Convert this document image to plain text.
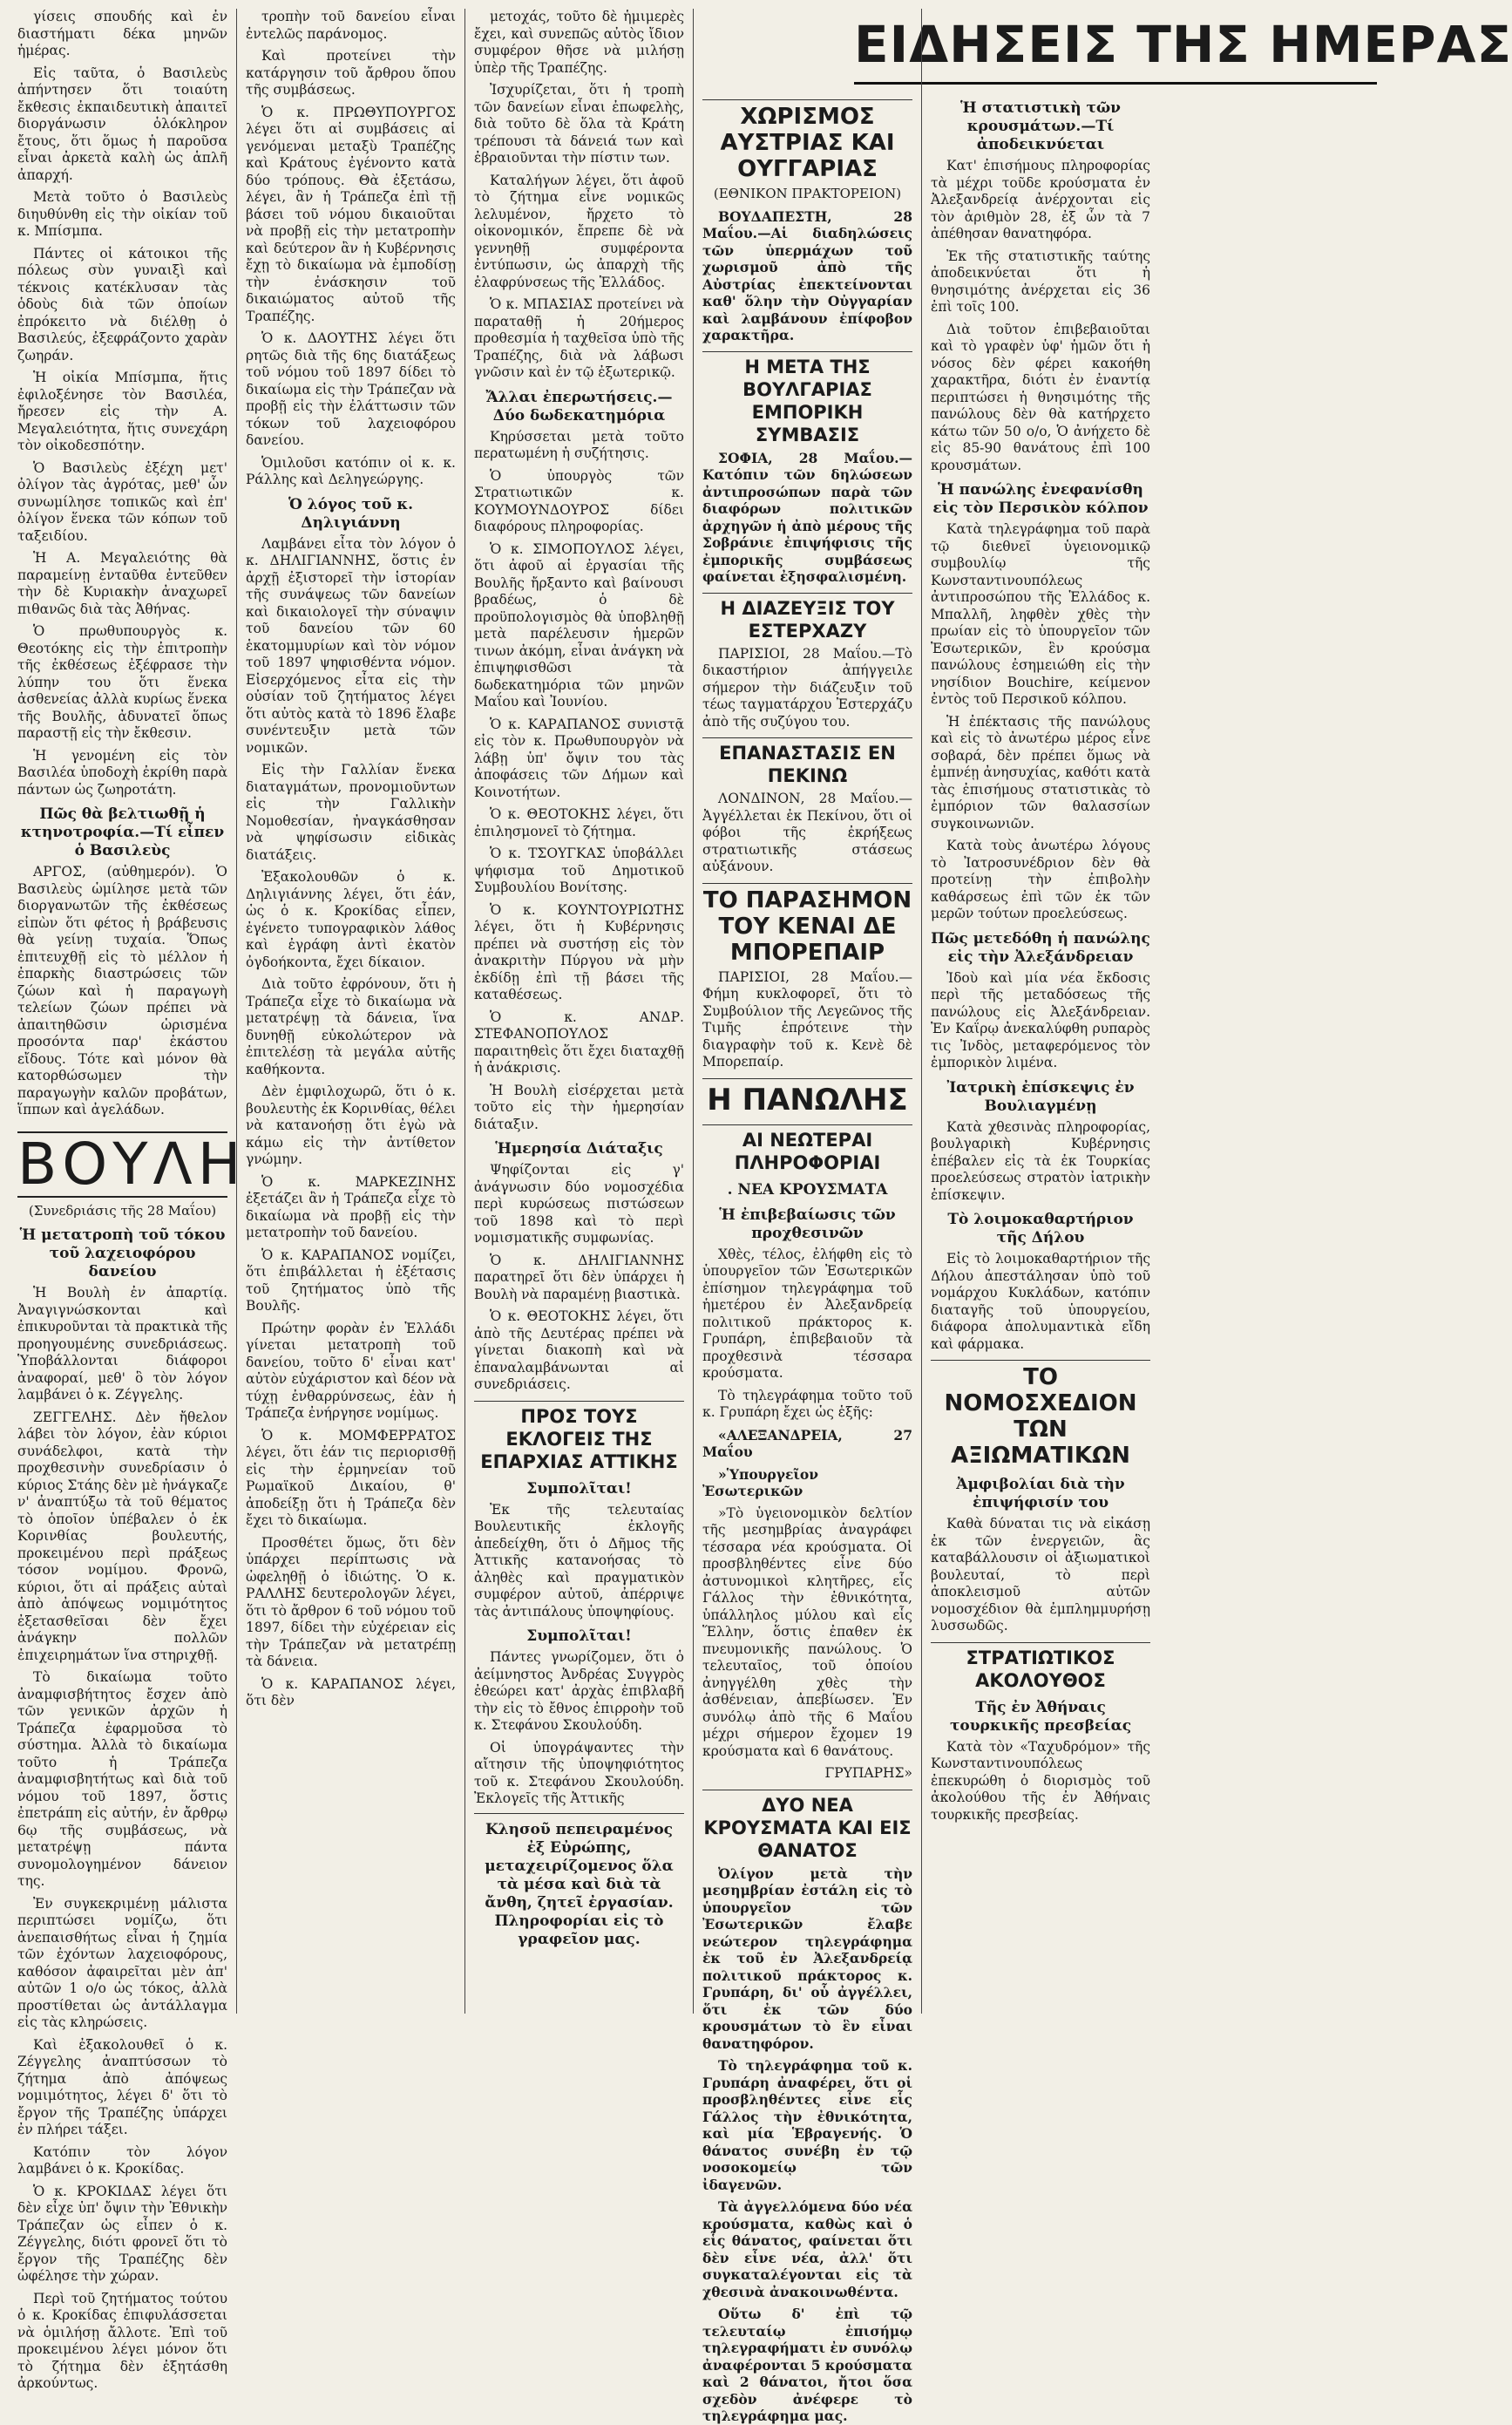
ΕΙΔΗΣΕΙΣ ΤΗΣ ΗΜΕΡΑΣ

γίσεις σπουδής καὶ ἐν διαστήματι δέκα μηνῶν ἡμέρας.

Εἰς ταῦτα, ὁ Βασιλεὺς ἀπήντησεν ὅτι τοιαύτη ἔκθεσις ἐκπαιδευτικὴ ἀπαιτεῖ διοργάνωσιν ὁλόκληρον ἔτους, ὅτι ὅμως ἡ παροῦσα εἶναι ἀρκετὰ καλὴ ὡς ἁπλῆ ἀπαρχή.

Μετὰ τοῦτο ὁ Βασιλεὺς διηυθύνθη εἰς τὴν οἰκίαν τοῦ κ. Μπίσμπα.

Πάντες οἱ κάτοικοι τῆς πόλεως σὺν γυναιξὶ καὶ τέκνοις κατέκλυσαν τὰς ὁδοὺς διὰ τῶν ὁποίων ἐπρόκειτο νὰ διέλθῃ ὁ Βασιλεύς, ἐξεφράζοντο χαρὰν ζωηράν.

Ἡ οἰκία Μπίσμπα, ἥτις ἐφιλοξένησε τὸν Βασιλέα, ἤρεσεν εἰς τὴν Α. Μεγαλειότητα, ἥτις συνεχάρη τὸν οἰκοδεσπότην.

Ὁ Βασιλεὺς ἐξέχη μετ' ὀλίγον τὰς ἀγρότας, μεθ' ὧν συνωμίλησε τοπικῶς καὶ ἐπ' ὀλίγον ἕνεκα τῶν κόπων τοῦ ταξειδίου.

Ἡ Α. Μεγαλειότης θὰ παραμείνῃ ἐνταῦθα ἐντεῦθεν τὴν δὲ Κυριακὴν ἀναχωρεῖ πιθανῶς διὰ τὰς Ἀθήνας.

Ὁ πρωθυπουργὸς κ. Θεοτόκης εἰς τὴν ἐπιτροπὴν τῆς ἐκθέσεως ἐξέφρασε τὴν λύπην του ὅτι ἕνεκα ἀσθενείας ἀλλὰ κυρίως ἕνεκα τῆς Βουλῆς, ἀδυνατεῖ ὅπως παραστῇ εἰς τὴν ἔκθεσιν.

Ἡ γενομένη εἰς τὸν Βασιλέα ὑποδοχὴ ἐκρίθη παρὰ πάντων ὡς ζωηροτάτη.

Πῶς θὰ βελτιωθῇ ἡ κτηνοτροφία.—Τί εἶπεν ὁ Βασιλεὺς

ΑΡΓΟΣ, (αὐθημερόν). Ὁ Βασιλεὺς ὡμίλησε μετὰ τῶν διοργανωτῶν τῆς ἐκθέσεως εἰπὼν ὅτι φέτος ἡ βράβευσις θὰ γείνῃ τυχαία. Ὅπως ἐπιτευχθῇ εἰς τὸ μέλλον ἡ ἐπαρκὴς διαστρώσεις τῶν ζώων καὶ ἡ παραγωγὴ τελείων ζώων πρέπει νὰ ἀπαιτηθῶσιν ὡρισμένα προσόντα παρ' ἑκάστου εἴδους. Τότε καὶ μόνον θὰ κατορθώσωμεν τὴν παραγωγὴν καλῶν προβάτων, ἵππων καὶ ἀγελάδων.

ΒΟΥΛΗ
(Συνεδριάσις τῆς 28 Μαΐου)
Ἡ μετατροπὴ τοῦ τόκου τοῦ λαχειοφόρου δανείου

Ἡ Βουλὴ ἐν ἀπαρτίᾳ. Ἀναγιγνώσκονται καὶ ἐπικυροῦνται τὰ πρακτικὰ τῆς προηγουμένης συνεδριάσεως. Ὑποβάλλονται διάφοροι ἀναφοραί, μεθ' ὃ τὸν λόγον λαμβάνει ὁ κ. Ζέγγελης.

ΖΕΓΓΕΛΗΣ. Δὲν ἤθελον λάβει τὸν λόγον, ἐὰν κύριοι συνάδελφοι, κατὰ τὴν προχθεσινὴν συνεδρίασιν ὁ κύριος Στάης δὲν μὲ ἠνάγκαζε ν' ἀναπτύξω τὰ τοῦ θέματος τὸ ὁποῖον ὑπέβαλεν ὁ ἐκ Κορινθίας βουλευτής, προκειμένου περὶ πράξεως τόσον νομίμου. Φρονῶ, κύριοι, ὅτι αἱ πράξεις αὐταὶ ἀπὸ ἀπόψεως νομιμότητος ἐξετασθεῖσαι δὲν ἔχει ἀνάγκην πολλῶν ἐπιχειρημάτων ἵνα στηριχθῇ.

Τὸ δικαίωμα τοῦτο ἀναμφισβήτητος ἔσχεν ἀπὸ τῶν γενικῶν ἀρχῶν ἡ Τράπεζα ἐφαρμοῦσα τὸ σύστημα. Ἀλλὰ τὸ δικαίωμα τοῦτο ἡ Τράπεζα ἀναμφισβητήτως καὶ διὰ τοῦ νόμου τοῦ 1897, ὅστις ἐπετράπη εἰς αὐτήν, ἐν ἄρθρῳ 6ῳ τῆς συμβάσεως, νὰ μετατρέψῃ πάντα συνομολογημένον δάνειον της.

Ἐν συγκεκριμένῃ μάλιστα περιπτώσει νομίζω, ὅτι ἀνεπαισθήτως εἶναι ἡ ζημία τῶν ἐχόντων λαχειοφόρους, καθόσον ἀφαιρεῖται μὲν ἀπ' αὐτῶν 1 ο/ο ὡς τόκος, ἀλλὰ προστίθεται ὡς ἀντάλλαγμα εἰς τὰς κληρώσεις.

Καὶ ἐξακολουθεῖ ὁ κ. Ζέγγελης ἀναπτύσσων τὸ ζήτημα ἀπὸ ἀπόψεως νομιμότητος, λέγει δ' ὅτι τὸ ἔργον τῆς Τραπέζης ὑπάρχει ἐν πλήρει τάξει.

Κατόπιν τὸν λόγον λαμβάνει ὁ κ. Κροκίδας.

Ὁ κ. ΚΡΟΚΙΔΑΣ λέγει ὅτι δὲν εἶχε ὑπ' ὄψιν τὴν Ἐθνικὴν Τράπεζαν ὡς εἶπεν ὁ κ. Ζέγγελης, διότι φρονεῖ ὅτι τὸ ἔργον τῆς Τραπέζης δὲν ὠφέλησε τὴν χώραν.

Περὶ τοῦ ζητήματος τούτου ὁ κ. Κροκίδας ἐπιφυλάσσεται νὰ ὁμιλήσῃ ἄλλοτε. Ἐπὶ τοῦ προκειμένου λέγει μόνον ὅτι τὸ ζήτημα δὲν ἐξητάσθη ἀρκούντως.

τροπὴν τοῦ δανείου εἶναι ἐντελῶς παράνομος.

Καὶ προτείνει τὴν κατάργησιν τοῦ ἄρθρου ὅπου τῆς συμβάσεως.

Ὁ κ. ΠΡΩΘΥΠΟΥΡΓΟΣ λέγει ὅτι αἱ συμβάσεις αἱ γενόμεναι μεταξὺ Τραπέζης καὶ Κράτους ἐγένοντο κατὰ δύο τρόπους. Θὰ ἐξετάσω, λέγει, ἂν ἡ Τράπεζα ἐπὶ τῇ βάσει τοῦ νόμου δικαιοῦται νὰ προβῇ εἰς τὴν μετατροπὴν καὶ δεύτερον ἂν ἡ Κυβέρνησις ἔχῃ τὸ δικαίωμα νὰ ἐμποδίσῃ τὴν ἐνάσκησιν τοῦ δικαιώματος αὐτοῦ τῆς Τραπέζης.

Ὁ κ. ΔΑΟΥΤΗΣ λέγει ὅτι ρητῶς διὰ τῆς 6ης διατάξεως τοῦ νόμου τοῦ 1897 δίδει τὸ δικαίωμα εἰς τὴν Τράπεζαν νὰ προβῇ εἰς τὴν ἐλάττωσιν τῶν τόκων τοῦ λαχειοφόρου δανείου.

Ὁμιλοῦσι κατόπιν οἱ κ. κ. Ράλλης καὶ Δεληγεώργης.

Ὁ λόγος τοῦ κ. Δηλιγιάννη

Λαμβάνει εἶτα τὸν λόγον ὁ κ. ΔΗΛΙΓΙΑΝΝΗΣ, ὅστις ἐν ἀρχῇ ἐξιστορεῖ τὴν ἱστορίαν τῆς συνάψεως τῶν δανείων καὶ δικαιολογεῖ τὴν σύναψιν τοῦ δανείου τῶν 60 ἑκατομμυρίων καὶ τὸν νόμον τοῦ 1897 ψηφισθέντα νόμον. Εἰσερχόμενος εἶτα εἰς τὴν οὐσίαν τοῦ ζητήματος λέγει ὅτι αὐτὸς κατὰ τὸ 1896 ἔλαβε συνέντευξιν μετὰ τῶν νομικῶν.

Εἰς τὴν Γαλλίαν ἕνεκα διαταγμάτων, προνομιοῦντων εἰς τὴν Γαλλικὴν Νομοθεσίαν, ἠναγκάσθησαν νὰ ψηφίσωσιν εἰδικὰς διατάξεις.

Ἐξακολουθῶν ὁ κ. Δηλιγιάννης λέγει, ὅτι ἐάν, ὡς ὁ κ. Κροκίδας εἶπεν, ἐγένετο τυπογραφικὸν λάθος καὶ ἐγράφη ἀντὶ ἑκατὸν ὀγδοήκοντα, ἔχει δίκαιον.

Διὰ τοῦτο ἐφρόνουν, ὅτι ἡ Τράπεζα εἶχε τὸ δικαίωμα νὰ μετατρέψῃ τὰ δάνεια, ἵνα δυνηθῇ εὐκολώτερον νὰ ἐπιτελέσῃ τὰ μεγάλα αὐτῆς καθήκοντα.

Δὲν ἐμφιλοχωρῶ, ὅτι ὁ κ. βουλευτὴς ἐκ Κορινθίας, θέλει νὰ κατανοήσῃ ὅτι ἐγὼ νὰ κάμω εἰς τὴν ἀντίθετον γνώμην.

Ὁ κ. ΜΑΡΚΕΖΙΝΗΣ ἐξετάζει ἂν ἡ Τράπεζα εἶχε τὸ δικαίωμα νὰ προβῇ εἰς τὴν μετατροπὴν τοῦ δανείου.

Ὁ κ. ΚΑΡΑΠΑΝΟΣ νομίζει, ὅτι ἐπιβάλλεται ἡ ἐξέτασις τοῦ ζητήματος ὑπὸ τῆς Βουλῆς.

Πρώτην φορὰν ἐν Ἑλλάδι γίνεται μετατροπὴ τοῦ δανείου, τοῦτο δ' εἶναι κατ' αὐτὸν εὐχάριστον καὶ δέον νὰ τύχῃ ἐνθαρρύνσεως, ἐὰν ἡ Τράπεζα ἐνήργησε νομίμως.

Ὁ κ. ΜΟΜΦΕΡΡΑΤΟΣ λέγει, ὅτι ἐάν τις περιορισθῇ εἰς τὴν ἑρμηνείαν τοῦ Ρωμαϊκοῦ Δικαίου, θ' ἀποδείξῃ ὅτι ἡ Τράπεζα δὲν ἔχει τὸ δικαίωμα.

Προσθέτει ὅμως, ὅτι δὲν ὑπάρχει περίπτωσις νὰ ὠφεληθῇ ὁ ἰδιώτης. Ὁ κ. ΡΑΛΛΗΣ δευτερολογῶν λέγει, ὅτι τὸ ἄρθρον 6 τοῦ νόμου τοῦ 1897, δίδει τὴν εὐχέρειαν εἰς τὴν Τράπεζαν νὰ μετατρέπῃ τὰ δάνεια.

Ὁ κ. ΚΑΡΑΠΑΝΟΣ λέγει, ὅτι δὲν

μετοχάς, τοῦτο δὲ ἡμιμερὲς ἔχει, καὶ συνεπῶς αὐτὸς ἴδιον συμφέρον θῆσε νὰ μιλήσῃ ὑπὲρ τῆς Τραπέζης.

Ἰσχυρίζεται, ὅτι ἡ τροπὴ τῶν δανείων εἶναι ἐπωφελὴς, διὰ τοῦτο δὲ ὅλα τὰ Κράτη τρέπουσι τὰ δάνειά των καὶ ἐβραιοῦνται τὴν πίστιν των.

Καταλήγων λέγει, ὅτι ἀφοῦ τὸ ζήτημα εἶνε νομικῶς λελυμένον, ἤρχετο τὸ οἰκονομικόν, ἔπρεπε δὲ νὰ γεννηθῇ συμφέροντα ἐντύπωσιν, ὡς ἀπαρχὴ τῆς ἐλαφρύνσεως τῆς Ἑλλάδος.

Ὁ κ. ΜΠΑΣΙΑΣ προτείνει νὰ παραταθῇ ἡ 20ήμερος προθεσμία ἡ ταχθεῖσα ὑπὸ τῆς Τραπέζης, διὰ νὰ λάβωσι γνῶσιν καὶ ἐν τῷ ἐξωτερικῷ.

Ἄλλαι ἐπερωτήσεις.—Δύο δωδεκατημόρια

Κηρύσσεται μετὰ τοῦτο περατωμένη ἡ συζήτησις.

Ὁ ὑπουργὸς τῶν Στρατιωτικῶν κ. ΚΟΥΜΟΥΝΔΟΥΡΟΣ δίδει διαφόρους πληροφορίας.

Ὁ κ. ΣΙΜΟΠΟΥΛΟΣ λέγει, ὅτι ἀφοῦ αἱ ἐργασίαι τῆς Βουλῆς ἤρξαντο καὶ βαίνουσι βραδέως, ὁ δὲ προϋπολογισμὸς θὰ ὑποβληθῇ μετὰ παρέλευσιν ἡμερῶν τινων ἀκόμη, εἶναι ἀνάγκη νὰ ἐπιψηφισθῶσι τὰ δωδεκατημόρια τῶν μηνῶν Μαΐου καὶ Ἰουνίου.

Ὁ κ. ΚΑΡΑΠΑΝΟΣ συνιστᾷ εἰς τὸν κ. Πρωθυπουργὸν νὰ λάβῃ ὑπ' ὄψιν του τὰς ἀποφάσεις τῶν Δήμων καὶ Κοινοτήτων.

Ὁ κ. ΘΕΟΤΟΚΗΣ λέγει, ὅτι ἐπιλησμονεῖ τὸ ζήτημα.

Ὁ κ. ΤΣΟΥΓΚΑΣ ὑποβάλλει ψήφισμα τοῦ Δημοτικοῦ Συμβουλίου Βονίτσης.

Ὁ κ. ΚΟΥΝΤΟΥΡΙΩΤΗΣ λέγει, ὅτι ἡ Κυβέρνησις πρέπει νὰ συστήσῃ εἰς τὸν ἀνακριτὴν Πύργου νὰ μὴν ἐκδίδῃ ἐπὶ τῇ βάσει τῆς καταθέσεως.

Ὁ κ. ΑΝΔΡ. ΣΤΕΦΑΝΟΠΟΥΛΟΣ παραιτηθεὶς ὅτι ἔχει διαταχθῇ ἡ ἀνάκρισις.

Ἡ Βουλὴ εἰσέρχεται μετὰ τοῦτο εἰς τὴν ἡμερησίαν διάταξιν.

Ἡμερησία Διάταξις

Ψηφίζονται εἰς γ' ἀνάγνωσιν δύο νομοσχέδια περὶ κυρώσεως πιστώσεων τοῦ 1898 καὶ τὸ περὶ νομισματικῆς συμφωνίας.

Ὁ κ. ΔΗΛΙΓΙΑΝΝΗΣ παρατηρεῖ ὅτι δὲν ὑπάρχει ἡ Βουλὴ νὰ παραμένῃ βιαστικὰ.

Ὁ κ. ΘΕΟΤΟΚΗΣ λέγει, ὅτι ἀπὸ τῆς Δευτέρας πρέπει νὰ γίνεται διακοπὴ καὶ νὰ ἐπαναλαμβάνωνται αἱ συνεδριάσεις.

ΠΡΟΣ ΤΟΥΣ ΕΚΛΟΓΕΙΣ ΤΗΣ ΕΠΑΡΧΙΑΣ ΑΤΤΙΚΗΣ
Συμπολῖται!

Ἐκ τῆς τελευταίας Βουλευτικῆς ἐκλογῆς ἀπεδείχθη, ὅτι ὁ Δῆμος τῆς Ἀττικῆς κατανοήσας τὸ ἀληθὲς καὶ πραγματικὸν συμφέρον αὐτοῦ, ἀπέρριψε τὰς ἀντιπάλους ὑποψηφίους.

Συμπολῖται!

Πάντες γνωρίζομεν, ὅτι ὁ ἀείμνηστος Ἀνδρέας Συγγρὸς ἐθεώρει κατ' ἀρχὰς ἐπιβλαβῆ τὴν εἰς τὸ ἔθνος ἐπιρροὴν τοῦ κ. Στεφάνου Σκουλούδη.

Οἱ ὑπογράψαντες τὴν αἴτησιν τῆς ὑποψηφιότητος τοῦ κ. Στεφάνου Σκουλούδη. Ἐκλογεῖς τῆς Ἀττικῆς

Κλησοῦ πεπειραμένος ἐξ Εὐρώπης, μεταχειρίζομενος ὅλα τὰ μέσα καὶ διὰ τὰ ἄνθη, ζητεῖ ἐργασίαν. Πληροφορίαι εἰς τὸ γραφεῖον μας.
ΧΩΡΙΣΜΟΣ ΑΥΣΤΡΙΑΣ ΚΑΙ ΟΥΓΓΑΡΙΑΣ
(ΕΘΝΙΚΟΝ ΠΡΑΚΤΟΡΕΙΟΝ)

ΒΟΥΔΑΠΕΣΤΗ, 28 Μαΐου.—Αἱ διαδηλώσεις τῶν ὑπερμάχων τοῦ χωρισμοῦ ἀπὸ τῆς Αὐστρίας ἐπεκτείνονται καθ' ὅλην τὴν Οὐγγαρίαν καὶ λαμβάνουν ἐπίφοβον χαρακτῆρα.

Η ΜΕΤΑ ΤΗΣ ΒΟΥΛΓΑΡΙΑΣ ΕΜΠΟΡΙΚΗ ΣΥΜΒΑΣΙΣ

ΣΟΦΙΑ, 28 Μαΐου.—Κατόπιν τῶν δηλώσεων ἀντιπροσώπων παρὰ τῶν διαφόρων πολιτικῶν ἀρχηγῶν ἡ ἀπὸ μέρους τῆς Σοβράνιε ἐπιψήφισις τῆς ἐμπορικῆς συμβάσεως φαίνεται ἐξησφαλισμένη.

Η ΔΙΑΖΕΥΞΙΣ ΤΟΥ ΕΣΤΕΡΧΑΖΥ

ΠΑΡΙΣΙΟΙ, 28 Μαΐου.—Τὸ δικαστήριον ἀπήγγειλε σήμερον τὴν διάζευξιν τοῦ τέως ταγματάρχου Ἐστερχάζυ ἀπὸ τῆς συζύγου του.

ΕΠΑΝΑΣΤΑΣΙΣ ΕΝ ΠΕΚΙΝΩ

ΛΟΝΔΙΝΟΝ, 28 Μαΐου.—Ἀγγέλλεται ἐκ Πεκίνου, ὅτι οἱ φόβοι τῆς ἐκρήξεως στρατιωτικῆς στάσεως αὐξάνουν.

ΤΟ ΠΑΡΑΣΗΜΟΝ ΤΟΥ ΚΕΝΑΙ ΔΕ ΜΠΟΡΕΠΑΙΡ

ΠΑΡΙΣΙΟΙ, 28 Μαΐου.—Φήμη κυκλοφορεῖ, ὅτι τὸ Συμβούλιον τῆς Λεγεῶνος τῆς Τιμῆς ἐπρότεινε τὴν διαγραφὴν τοῦ κ. Κενὲ δὲ Μπορεπαίρ.

Η ΠΑΝΩΛΗΣ
ΑΙ ΝΕΩΤΕΡΑΙ ΠΛΗΡΟΦΟΡΙΑΙ
. ΝΕΑ ΚΡΟΥΣΜΑΤΑ
Ἡ ἐπιβεβαίωσις τῶν προχθεσινῶν

Χθὲς, τέλος, ἐλήφθη εἰς τὸ ὑπουργεῖον τῶν Ἐσωτερικῶν ἐπίσημον τηλεγράφημα τοῦ ἡμετέρου ἐν Ἀλεξανδρείᾳ πολιτικοῦ πράκτορος κ. Γρυπάρη, ἐπιβεβαιοῦν τὰ προχθεσινὰ τέσσαρα κρούσματα.

Τὸ τηλεγράφημα τοῦτο τοῦ κ. Γρυπάρη ἔχει ὡς ἑξῆς:

«ΑΛΕΞΑΝΔΡΕΙΑ, 27 Μαΐου

»Ὑπουργεῖον Ἐσωτερικῶν

»Τὸ ὑγειονομικὸν δελτίον τῆς μεσημβρίας ἀναγράφει τέσσαρα νέα κρούσματα. Οἱ προσβληθέντες εἶνε δύο ἀστυνομικοὶ κλητῆρες, εἷς Γάλλος τὴν ἐθνικότητα, ὑπάλληλος μύλου καὶ εἷς Ἕλλην, ὅστις ἐπαθεν ἐκ πνευμονικῆς πανώλους. Ὁ τελευταῖος, τοῦ ὁποίου ἀνηγγέλθη χθὲς τὴν ἀσθένειαν, ἀπεβίωσεν. Ἐν συνόλῳ ἀπὸ τῆς 6 Μαΐου μέχρι σήμερον ἔχομεν 19 κρούσματα καὶ 6 θανάτους.

ΓΡΥΠΑΡΗΣ»

ΔΥΟ ΝΕΑ ΚΡΟΥΣΜΑΤΑ ΚΑΙ ΕΙΣ ΘΑΝΑΤΟΣ

Ὀλίγον μετὰ τὴν μεσημβρίαν ἐστάλη εἰς τὸ ὑπουργεῖον τῶν Ἐσωτερικῶν ἔλαβε νεώτερον τηλεγράφημα ἐκ τοῦ ἐν Ἀλεξανδρείᾳ πολιτικοῦ πράκτορος κ. Γρυπάρη, δι' οὗ ἀγγέλλει, ὅτι ἐκ τῶν δύο κρουσμάτων τὸ ἓν εἶναι θανατηφόρον.

Τὸ τηλεγράφημα τοῦ κ. Γρυπάρη ἀναφέρει, ὅτι οἱ προσβληθέντες εἶνε εἷς Γάλλος τὴν ἐθνικότητα, καὶ μία Ἑβραγενής. Ὁ θάνατος συνέβη ἐν τῷ νοσοκομείῳ τῶν ἰδαγενῶν.

Τὰ ἀγγελλόμενα δύο νέα κρούσματα, καθὼς καὶ ὁ εἷς θάνατος, φαίνεται ὅτι δὲν εἶνε νέα, ἀλλ' ὅτι συγκαταλέγονται εἰς τὰ χθεσινὰ ἀνακοινωθέντα.

Οὕτω δ' ἐπὶ τῷ τελευταίῳ ἐπισήμῳ τηλεγραφήματι ἐν συνόλῳ ἀναφέρονται 5 κρούσματα καὶ 2 θάνατοι, ἤτοι ὅσα σχεδὸν ἀνέφερε τὸ τηλεγράφημα μας.

Ἡ στατιστικὴ τῶν κρουσμάτων.—Τί ἀποδεικνύεται

Κατ' ἐπισήμους πληροφορίας τὰ μέχρι τοῦδε κρούσματα ἐν Ἀλεξανδρείᾳ ἀνέρχονται εἰς τὸν ἀριθμὸν 28, ἐξ ὧν τὰ 7 ἀπέθησαν θανατηφόρα.

Ἐκ τῆς στατιστικῆς ταύτης ἀποδεικνύεται ὅτι ἡ θνησιμότης ἀνέρχεται εἰς 36 ἐπὶ τοῖς 100.

Διὰ τοῦτον ἐπιβεβαιοῦται καὶ τὸ γραφὲν ὑφ' ἡμῶν ὅτι ἡ νόσος δὲν φέρει κακοήθη χαρακτῆρα, διότι ἐν ἐναντίᾳ περιπτώσει ἡ θνησιμότης τῆς πανώλους δὲν θὰ κατήρχετο κάτω τῶν 50 ο/ο, Ὁ ἀνήχετο δὲ εἰς 85-90 θανάτους ἐπὶ 100 κρουσμάτων.

Ἡ πανώλης ἐνεφανίσθη εἰς τὸν Περσικὸν κόλπον

Κατὰ τηλεγράφημα τοῦ παρὰ τῷ διεθνεῖ ὑγειονομικῷ συμβουλίῳ τῆς Κωνσταντινουπόλεως ἀντιπροσώπου τῆς Ἑλλάδος κ. Μπαλλῆ, ληφθὲν χθὲς τὴν πρωίαν εἰς τὸ ὑπουργεῖον τῶν Ἐσωτερικῶν, ἓν κρούσμα πανώλους ἐσημειώθη εἰς τὴν νησίδιον Bouchire, κείμενον ἐντὸς τοῦ Περσικοῦ κόλπου.

Ἡ ἐπέκτασις τῆς πανώλους καὶ εἰς τὸ ἀνωτέρω μέρος εἶνε σοβαρά, δὲν πρέπει ὅμως νὰ ἐμπνέῃ ἀνησυχίας, καθότι κατὰ τὰς ἐπισήμους στατιστικὰς τὸ ἐμπόριον τῶν θαλασσίων συγκοινωνιῶν.

Κατὰ τοὺς ἀνωτέρω λόγους τὸ Ἰατροσυνέδριον δὲν θὰ προτείνῃ τὴν ἐπιβολὴν καθάρσεως ἐπὶ τῶν ἐκ τῶν μερῶν τούτων προελεύσεως.

Πῶς μετεδόθη ἡ πανώλης εἰς τὴν Ἀλεξάνδρειαν

Ἰδοὺ καὶ μία νέα ἔκδοσις περὶ τῆς μεταδόσεως τῆς πανώλους εἰς Ἀλεξάνδρειαν. Ἐν Καΐρῳ ἀνεκαλύφθη ρυπαρὸς τις Ἰνδὸς, μεταφερόμενος τὸν ἐμπορικὸν λιμένα.

Ἰατρικὴ ἐπίσκεψις ἐν Βουλιαγμένῃ

Κατὰ χθεσινὰς πληροφορίας, βουλγαρικὴ Κυβέρνησις ἐπέβαλεν εἰς τὰ ἐκ Τουρκίας προελεύσεως στρατὸν ἰατρικὴν ἐπίσκεψιν.

Τὸ λοιμοκαθαρτήριον τῆς Δήλου

Εἰς τὸ λοιμοκαθαρτήριον τῆς Δήλου ἀπεστάλησαν ὑπὸ τοῦ νομάρχου Κυκλάδων, κατόπιν διαταγῆς τοῦ ὑπουργείου, διάφορα ἀπολυμαντικὰ εἴδη καὶ φάρμακα.

ΤΟ ΝΟΜΟΣΧΕΔΙΟΝ ΤΩΝ ΑΞΙΩΜΑΤΙΚΩΝ
Ἀμφιβολίαι διὰ τὴν ἐπιψήφισίν του

Καθὰ δύναται τις νὰ εἰκάσῃ ἐκ τῶν ἐνεργειῶν, ἃς καταβάλλουσιν οἱ ἀξιωματικοὶ βουλευταί, τὸ περὶ ἀποκλεισμοῦ αὐτῶν νομοσχέδιον θὰ ἐμπλημμυρήσῃ λυσσωδῶς.

ΣΤΡΑΤΙΩΤΙΚΟΣ ΑΚΟΛΟΥΘΟΣ
Τῆς ἐν Ἀθήναις τουρκικῆς πρεσβείας

Κατὰ τὸν «Ταχυδρόμον» τῆς Κωνσταντινουπόλεως ἐπεκυρώθη ὁ διορισμὸς τοῦ ἀκολούθου τῆς ἐν Ἀθήναις τουρκικῆς πρεσβείας.
